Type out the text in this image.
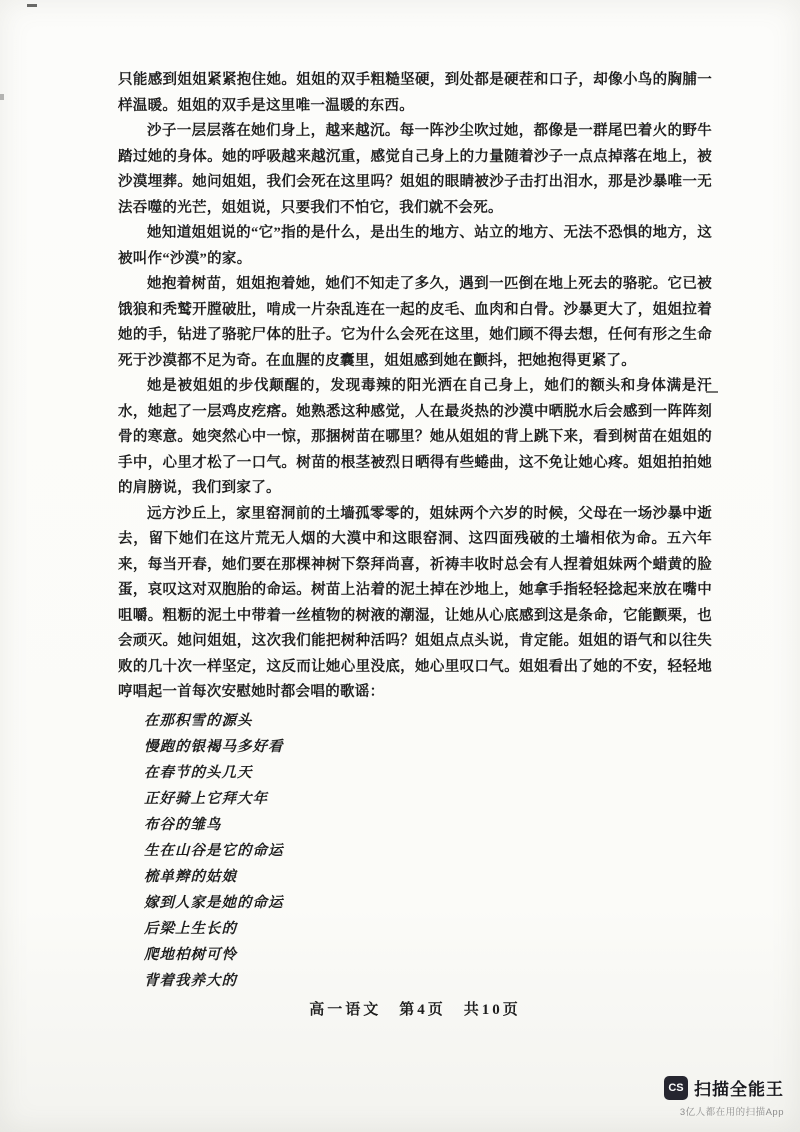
只能感到姐姐紧紧抱住她。姐姐的双手粗糙坚硬，到处都是硬茬和口子，却像小鸟的胸脯一样温暖。姐姐的双手是这里唯一温暖的东西。

沙子一层层落在她们身上，越来越沉。每一阵沙尘吹过她，都像是一群尾巴着火的野牛踏过她的身体。她的呼吸越来越沉重，感觉自己身上的力量随着沙子一点点掉落在地上，被沙漠埋葬。她问姐姐，我们会死在这里吗？姐姐的眼睛被沙子击打出泪水，那是沙暴唯一无法吞噬的光芒，姐姐说，只要我们不怕它，我们就不会死。

她知道姐姐说的“它”指的是什么，是出生的地方、站立的地方、无法不恐惧的地方，这被叫作“沙漠”的家。

她抱着树苗，姐姐抱着她，她们不知走了多久，遇到一匹倒在地上死去的骆驼。它已被饿狼和秃鹫开膛破肚，啃成一片杂乱连在一起的皮毛、血肉和白骨。沙暴更大了，姐姐拉着她的手，钻进了骆驼尸体的肚子。它为什么会死在这里，她们顾不得去想，任何有形之生命死于沙漠都不足为奇。在血腥的皮囊里，姐姐感到她在颤抖，把她抱得更紧了。

她是被姐姐的步伐颠醒的，发现毒辣的阳光洒在自己身上，她们的额头和身体满是汗水，她起了一层鸡皮疙瘩。她熟悉这种感觉，人在最炎热的沙漠中晒脱水后会感到一阵阵刻骨的寒意。她突然心中一惊，那捆树苗在哪里？她从姐姐的背上跳下来，看到树苗在姐姐的手中，心里才松了一口气。树苗的根茎被烈日晒得有些蜷曲，这不免让她心疼。姐姐拍拍她的肩膀说，我们到家了。

远方沙丘上，家里窑洞前的土墙孤零零的，姐妹两个六岁的时候，父母在一场沙暴中逝去，留下她们在这片荒无人烟的大漠中和这眼窑洞、这四面残破的土墙相依为命。五六年来，每当开春，她们要在那棵神树下祭拜尚喜，祈祷丰收时总会有人捏着姐妹两个蜡黄的脸蛋，哀叹这对双胞胎的命运。树苗上沾着的泥土掉在沙地上，她拿手指轻轻捻起来放在嘴中咀嚼。粗粝的泥土中带着一丝植物的树液的潮湿，让她从心底感到这是条命，它能颤栗，也会顽灭。她问姐姐，这次我们能把树种活吗？姐姐点点头说，肯定能。姐姐的语气和以往失败的几十次一样坚定，这反而让她心里没底，她心里叹口气。姐姐看出了她的不安，轻轻地哼唱起一首每次安慰她时都会唱的歌谣：

在那积雪的源头

慢跑的银褐马多好看

在春节的头几天

正好骑上它拜大年

布谷的雏鸟

生在山谷是它的命运

梳单辫的姑娘

嫁到人家是她的命运

后梁上生长的

爬地柏树可怜

背着我养大的

高一语文　第4页　共10页
CS 扫描全能王
3亿人都在用的扫描App
